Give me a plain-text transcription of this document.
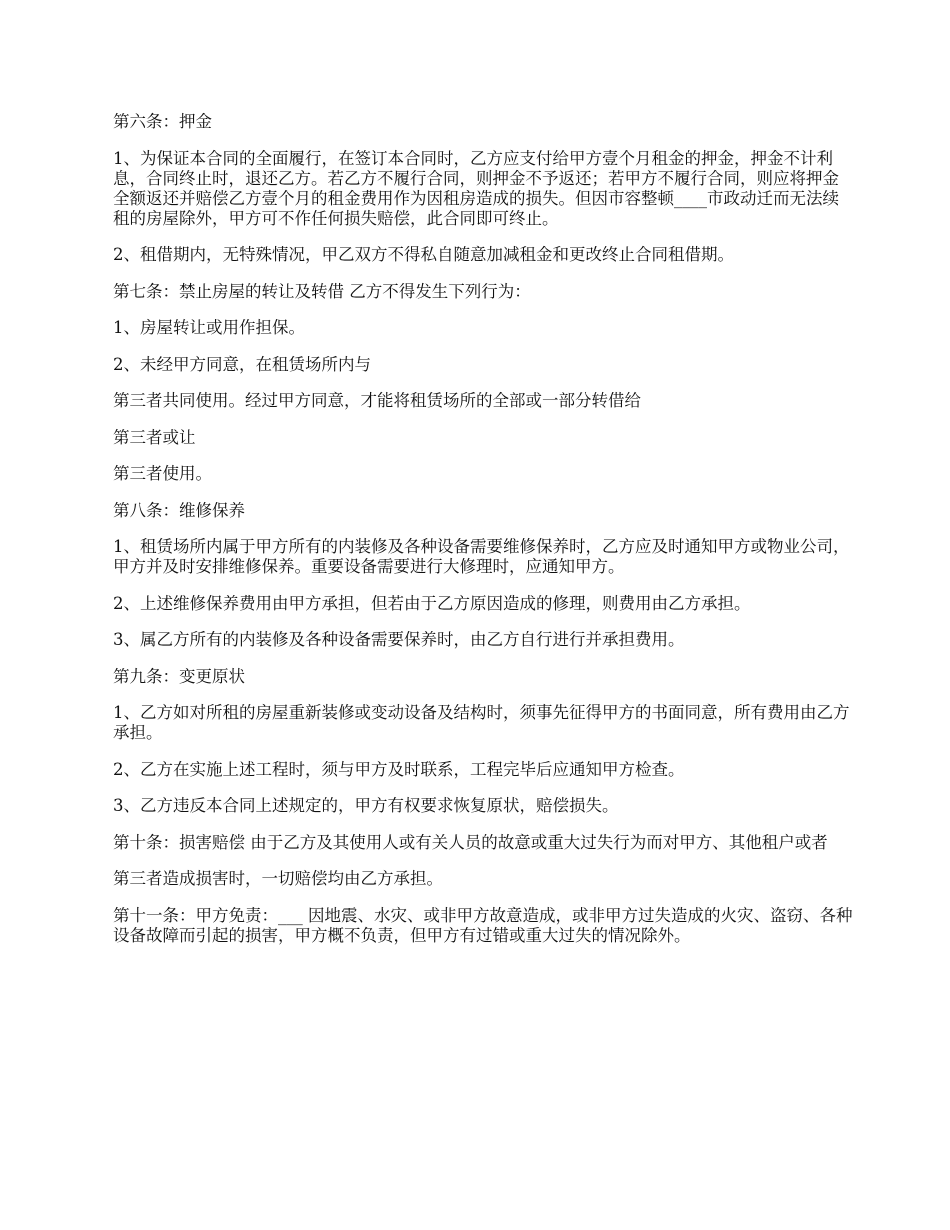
第六条：押金

1、为保证本合同的全面履行，在签订本合同时，乙方应支付给甲方壹个月租金的押金，押金不计利息，合同终止时，退还乙方。若乙方不履行合同，则押金不予返还；若甲方不履行合同，则应将押金全额返还并赔偿乙方壹个月的租金费用作为因租房造成的损失。但因市容整顿____市政动迁而无法续租的房屋除外，甲方可不作任何损失赔偿，此合同即可终止。

2、租借期内，无特殊情况，甲乙双方不得私自随意加减租金和更改终止合同租借期。

第七条：禁止房屋的转让及转借 乙方不得发生下列行为：

1、房屋转让或用作担保。

2、未经甲方同意，在租赁场所内与

第三者共同使用。经过甲方同意，才能将租赁场所的全部或一部分转借给

第三者或让

第三者使用。

第八条：维修保养

1、租赁场所内属于甲方所有的内装修及各种设备需要维修保养时，乙方应及时通知甲方或物业公司，甲方并及时安排维修保养。重要设备需要进行大修理时，应通知甲方。

2、上述维修保养费用由甲方承担，但若由于乙方原因造成的修理，则费用由乙方承担。

3、属乙方所有的内装修及各种设备需要保养时，由乙方自行进行并承担费用。

第九条：变更原状

1、乙方如对所租的房屋重新装修或变动设备及结构时，须事先征得甲方的书面同意，所有费用由乙方承担。

2、乙方在实施上述工程时，须与甲方及时联系，工程完毕后应通知甲方检查。

3、乙方违反本合同上述规定的，甲方有权要求恢复原状，赔偿损失。

第十条：损害赔偿 由于乙方及其使用人或有关人员的故意或重大过失行为而对甲方、其他租户或者

第三者造成损害时，一切赔偿均由乙方承担。

第十一条：甲方免责：___ 因地震、水灾、或非甲方故意造成，或非甲方过失造成的火灾、盗窃、各种设备故障而引起的损害，甲方概不负责，但甲方有过错或重大过失的情况除外。
